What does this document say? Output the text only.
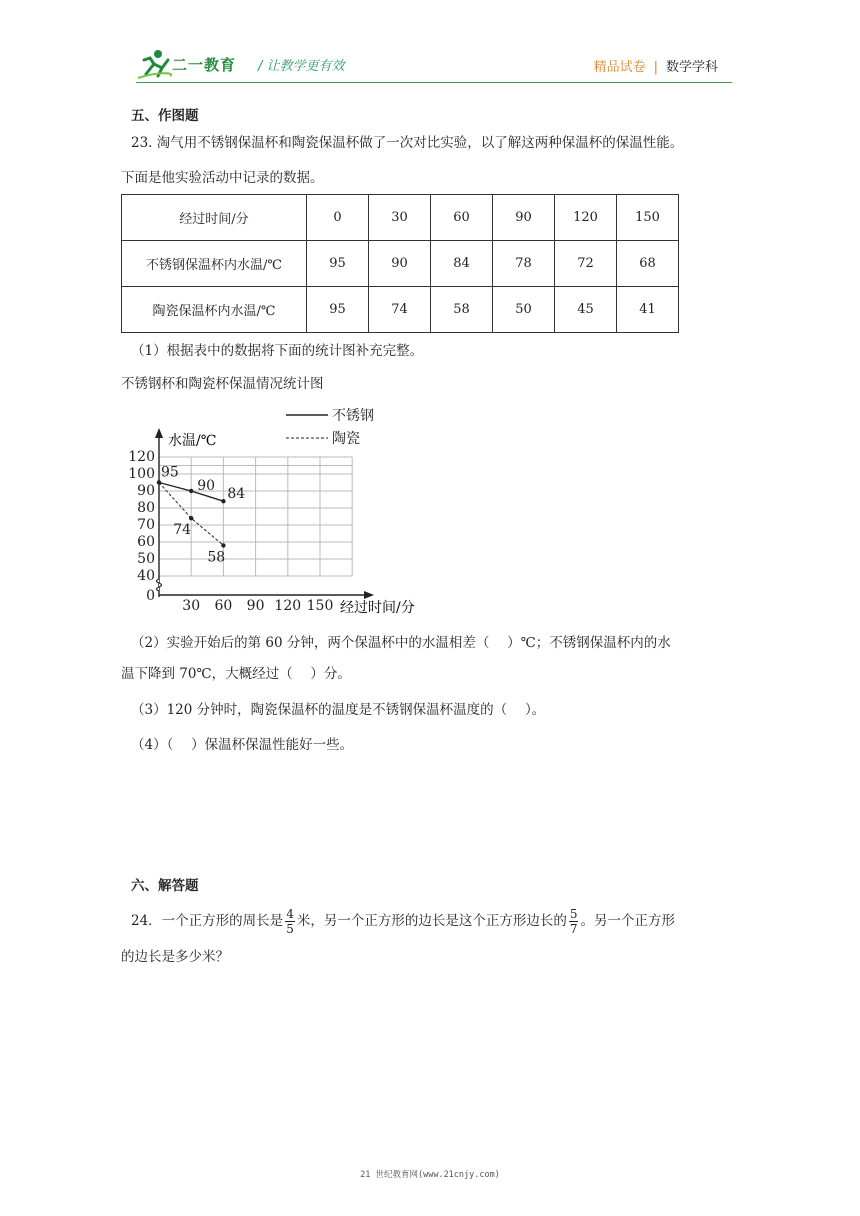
二一教育 / 让教学更有效	精品试卷 | 数学学科
五、作图题
23. 淘气用不锈钢保温杯和陶瓷保温杯做了一次对比实验，以了解这两种保温杯的保温性能。
下面是他实验活动中记录的数据。
经过时间/分	0	30	60	90	120	150
不锈钢保温杯内水温/℃	95	90	84	78	72	68
陶瓷保温杯内水温/℃	95	74	58	50	45	41
（1）根据表中的数据将下面的统计图补充完整。
不锈钢杯和陶瓷杯保温情况统计图
0
40
50
60
70
80
90
100
120
30 60 90 120 150
95
90
84
74
58
不锈钢
陶瓷
水温/℃
经过时间/分
（2）实验开始后的第 60 分钟，两个保温杯中的水温相差（　 ）℃；不锈钢保温杯内的水
温下降到 70℃，大概经过（　 ）分。
（3）120 分钟时，陶瓷保温杯的温度是不锈钢保温杯温度的（　 ）。
（4）（　 ）保温杯保温性能好一些。
六、解答题
24．一个正方形的周长是 $\frac{4}{5}$ 米，另一个正方形的边长是这个正方形边长的 $\frac{5}{7}$ 。另一个正方形
的边长是多少米？
21 世纪教育网(www.21cnjy.com)
